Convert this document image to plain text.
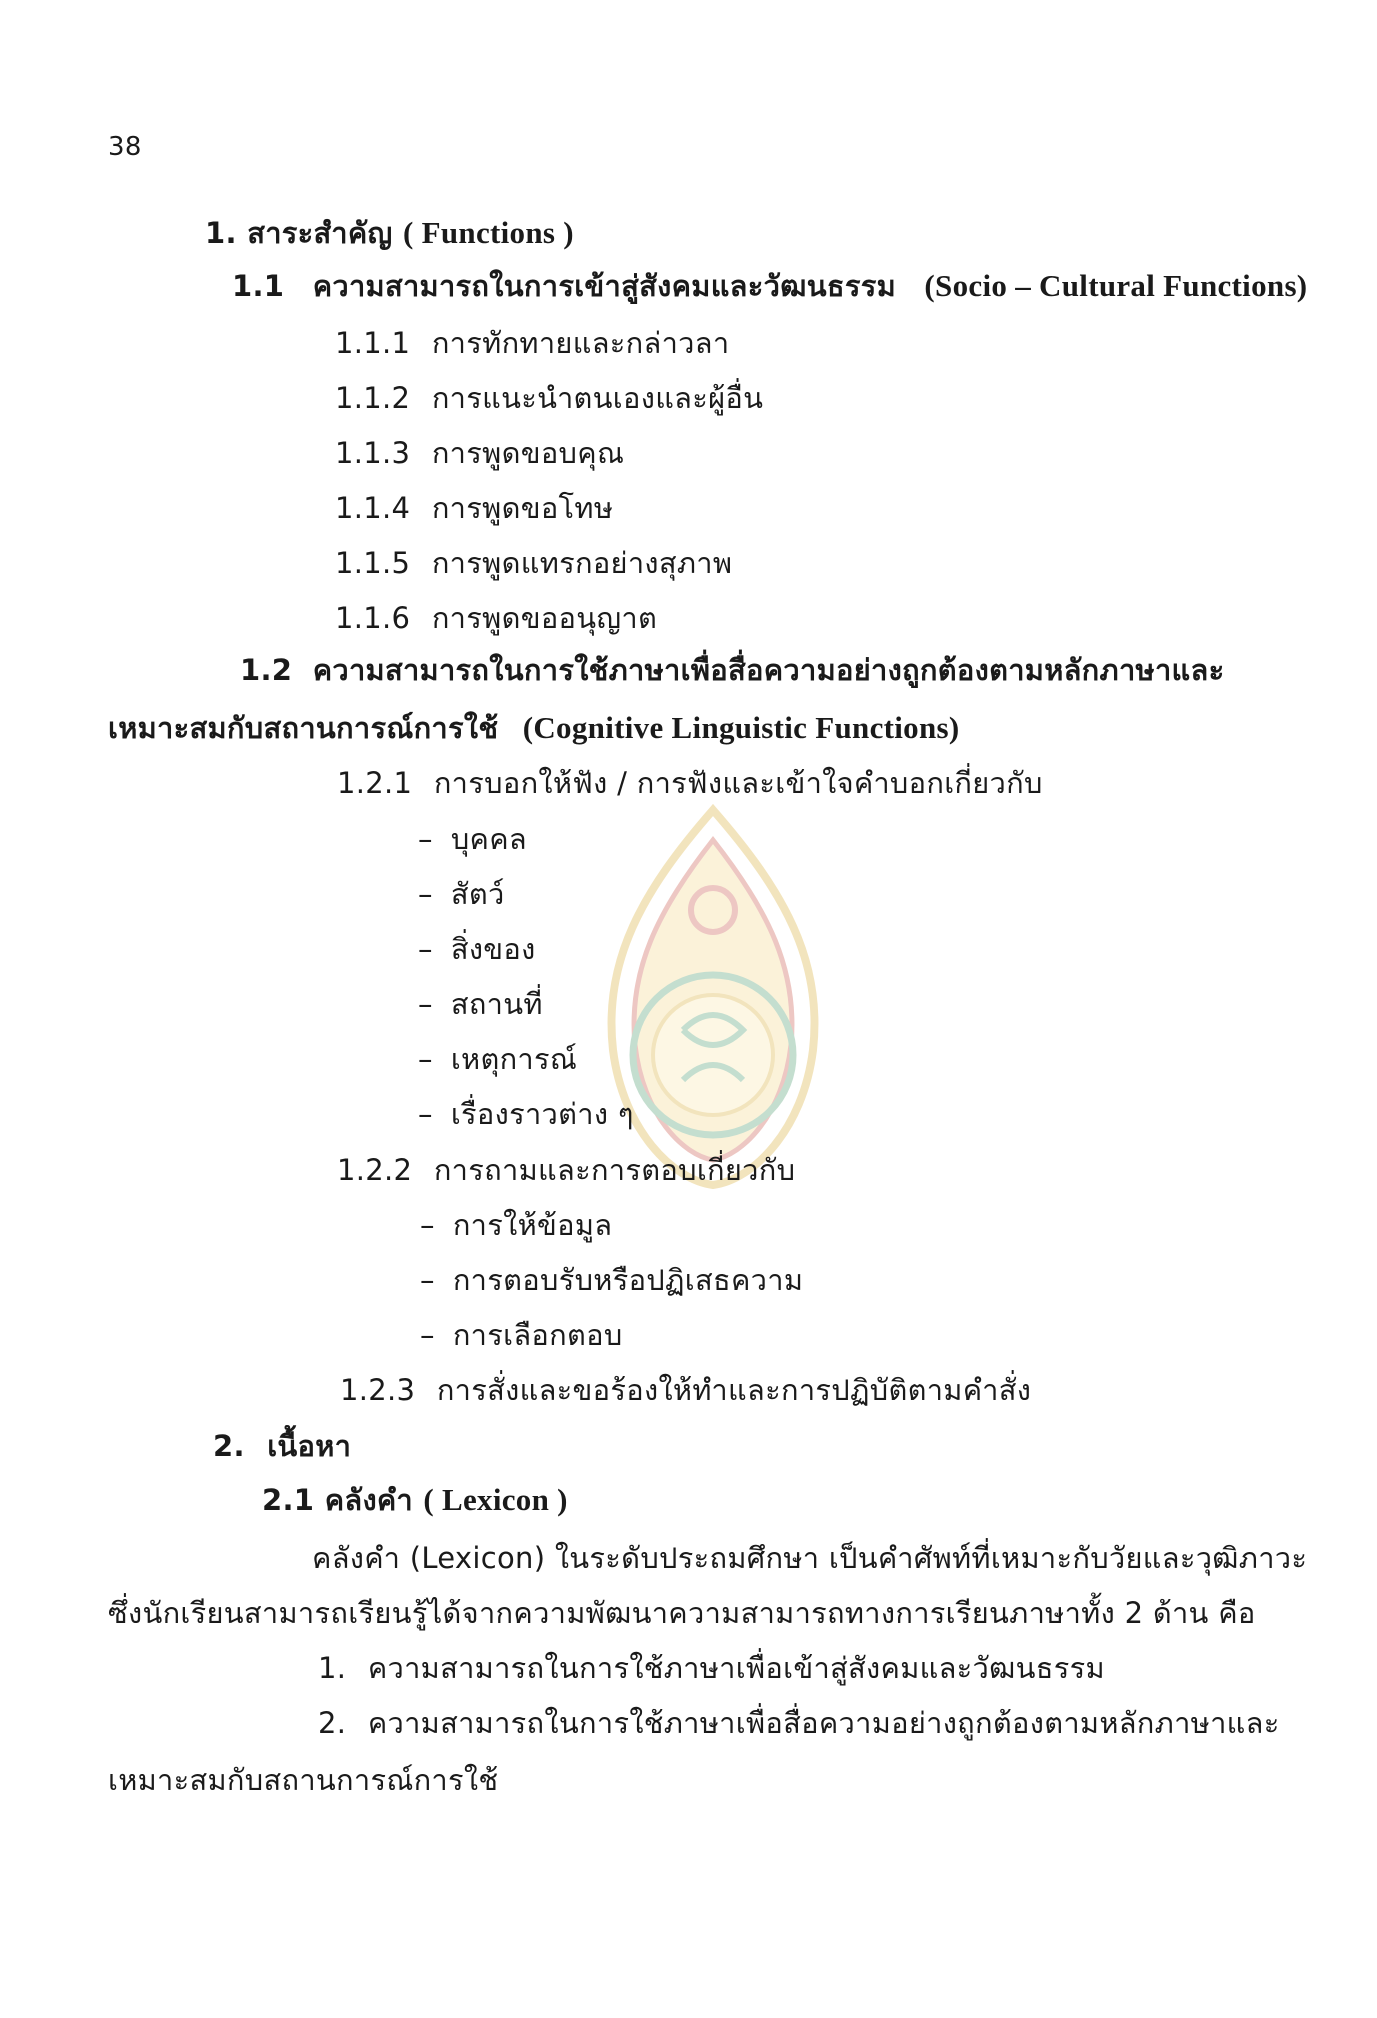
38
1. สาระสำคัญ ( Functions )
1.1 ความสามารถในการเข้าสู่สังคมและวัฒนธรรม (Socio – Cultural Functions)
1.1.1 การทักทายและกล่าวลา
1.1.2 การแนะนำตนเองและผู้อื่น
1.1.3 การพูดขอบคุณ
1.1.4 การพูดขอโทษ
1.1.5 การพูดแทรกอย่างสุภาพ
1.1.6 การพูดขออนุญาต
1.2 ความสามารถในการใช้ภาษาเพื่อสื่อความอย่างถูกต้องตามหลักภาษาและ
เหมาะสมกับสถานการณ์การใช้ (Cognitive Linguistic Functions)
1.2.1 การบอกให้ฟัง / การฟังและเข้าใจคำบอกเกี่ยวกับ
– บุคคล
– สัตว์
– สิ่งของ
– สถานที่
– เหตุการณ์
– เรื่องราวต่าง ๆ
1.2.2 การถามและการตอบเกี่ยวกับ
– การให้ข้อมูล
– การตอบรับหรือปฏิเสธความ
– การเลือกตอบ
1.2.3 การสั่งและขอร้องให้ทำและการปฏิบัติตามคำสั่ง
2. เนื้อหา
2.1 คลังคำ ( Lexicon )
คลังคำ (Lexicon) ในระดับประถมศึกษา เป็นคำศัพท์ที่เหมาะกับวัยและวุฒิภาวะ
ซึ่งนักเรียนสามารถเรียนรู้ได้จากความพัฒนาความสามารถทางการเรียนภาษาทั้ง 2 ด้าน คือ
1. ความสามารถในการใช้ภาษาเพื่อเข้าสู่สังคมและวัฒนธรรม
2. ความสามารถในการใช้ภาษาเพื่อสื่อความอย่างถูกต้องตามหลักภาษาและ
เหมาะสมกับสถานการณ์การใช้
